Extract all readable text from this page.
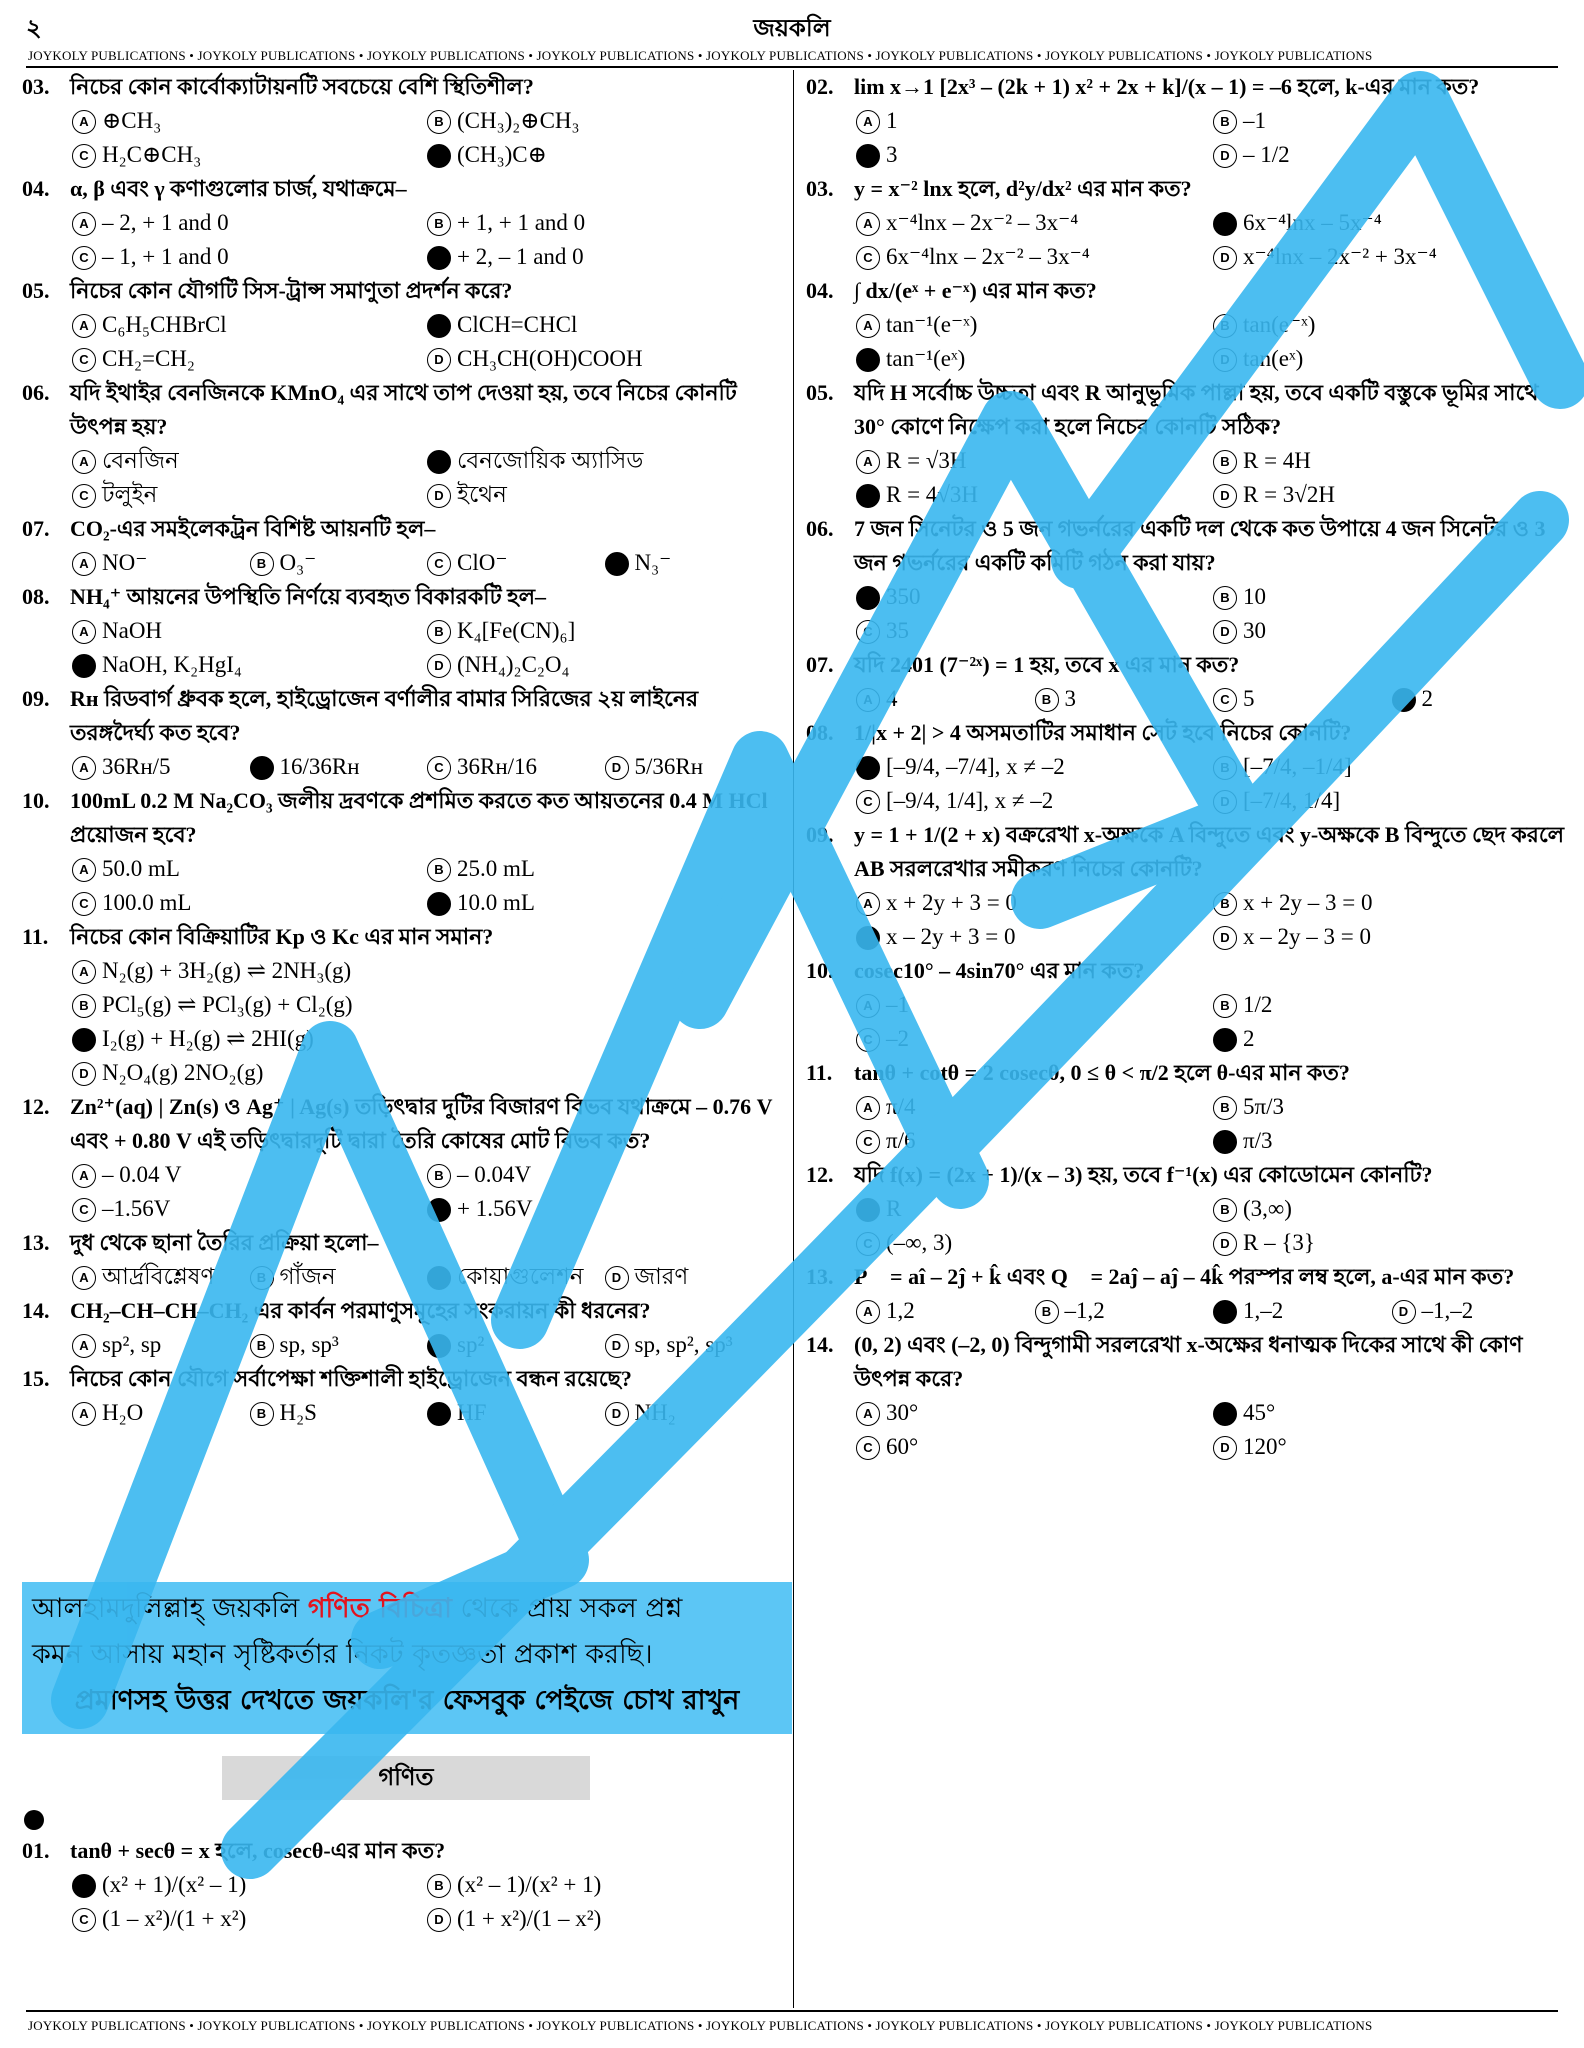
২	জয়কলি
JOYKOLY PUBLICATIONS • JOYKOLY PUBLICATIONS • JOYKOLY PUBLICATIONS • JOYKOLY PUBLICATIONS • JOYKOLY PUBLICATIONS • JOYKOLY PUBLICATIONS • JOYKOLY PUBLICATIONS • JOYKOLY PUBLICATIONS
03. নিচের কোন কার্বোক্যাটায়নটি সবচেয়ে বেশি স্থিতিশীল?
A ⊕CH₃	B (CH₃)₂⊕CH₃
C H₂C⊕CH₃	D (CH₃)C⊕
04. α, β এবং γ কণাগুলোর চার্জ, যথাক্রমে–
A – 2, + 1 and 0	B + 1, + 1 and 0
C – 1, + 1 and 0	D + 2, – 1 and 0
05. নিচের কোন যৌগটি সিস-ট্রান্স সমাণুতা প্রদর্শন করে?
A C₆H₅CHBrCl	B ClCH=CHCl
C CH₂=CH₂	D CH₃CH(OH)COOH
06. যদি ইথাইর বেনজিনকে KMnO₄ এর সাথে তাপ দেওয়া হয়, তবে নিচের কোনটি উৎপন্ন হয়?
A বেনজিন	B বেনজোয়িক অ্যাসিড
C টলুইন	D ইথেন
07. CO₂-এর সমইলেকট্রন বিশিষ্ট আয়নটি হল–
A NO⁻	B O₃⁻	C ClO⁻	D N₃⁻
08. NH₄⁺ আয়নের উপস্থিতি নির্ণয়ে ব্যবহৃত বিকারকটি হল–
A NaOH	B K₄[Fe(CN)₆]
C NaOH, K₂HgI₄	D (NH₄)₂C₂O₄
09. Rн রিডবার্গ ধ্রুবক হলে, হাইড্রোজেন বর্ণালীর বামার সিরিজের ২য় লাইনের তরঙ্গদৈর্ঘ্য কত হবে?
A 36Rн/5	B 16/36Rн	C 36Rн/16	D 5/36Rн
10. 100mL 0.2 M Na₂CO₃ জলীয় দ্রবণকে প্রশমিত করতে কত আয়তনের 0.4 M HCl প্রয়োজন হবে?
A 50.0 mL	B 25.0 mL
C 100.0 mL	D 10.0 mL
11. নিচের কোন বিক্রিয়াটির Kp ও Kc এর মান সমান?
A N₂(g) + 3H₂(g) ⇌ 2NH₃(g)
B PCl₅(g) ⇌ PCl₃(g) + Cl₂(g)
C I₂(g) + H₂(g) ⇌ 2HI(g)
D N₂O₄(g) 2NO₂(g)
12. Zn²⁺(aq) | Zn(s) ও Ag⁺ | Ag(s) তড়িৎদ্বার দুটির বিজারণ বিভব যথাক্রমে – 0.76 V এবং + 0.80 V এই তড়িৎদ্বারদুটি দ্বারা তৈরি কোষের মোট বিভব কত?
A – 0.04 V	B – 0.04V
C –1.56V	D + 1.56V
13. দুধ থেকে ছানা তৈরির প্রক্রিয়া হলো–
A আর্দ্রবিশ্লেষণ	B গাঁজন	C কোয়াগুলেশন	D জারণ
14. CH₂–CH–CH–CH₂ এর কার্বন পরমাণুসমূহের সংকরায়ন কী ধরনের?
A sp², sp	B sp, sp³	C sp²	D sp, sp², sp³
15. নিচের কোন যৌগে সর্বাপেক্ষা শক্তিশালী হাইড্রোজেন বন্ধন রয়েছে?
A H₂O	B H₂S	C HF	D NH₂
02. lim x→1 [2x³ – (2k + 1) x² + 2x + k]/(x – 1) = –6 হলে, k-এর মান কত?
A 1	B –1
C 3	D – 1/2
03. y = x⁻² lnx হলে, d²y/dx² এর মান কত?
A x⁻⁴lnx – 2x⁻² – 3x⁻⁴	B 6x⁻⁴lnx – 5x⁻⁴
C 6x⁻⁴lnx – 2x⁻² – 3x⁻⁴	D x⁻⁴lnx – 2x⁻² + 3x⁻⁴
04. ∫ dx/(eˣ + e⁻ˣ) এর মান কত?
A tan⁻¹(e⁻ˣ)	B tan(e⁻ˣ)
C tan⁻¹(eˣ)	D tan(eˣ)
05. যদি H সর্বোচ্চ উচ্চতা এবং R আনুভূমিক পাল্লা হয়, তবে একটি বস্তুকে ভূমির সাথে 30° কোণে নিক্ষেপ করা হলে নিচের কোনটি সঠিক?
A R = √3H	B R = 4H
C R = 4√3H	D R = 3√2H
06. 7 জন সিনেটর ও 5 জন গভর্নরের একটি দল থেকে কত উপায়ে 4 জন সিনেটর ও 3 জন গভর্নরের একটি কমিটি গঠন করা যায়?
A 350	B 10
C 35	D 30
07. যদি 2401 (7⁻²ˣ) = 1 হয়, তবে x এর মান কত?
A 4	B 3	C 5	D 2
08. 1/|x + 2| > 4 অসমতাটির সমাধান সেট হবে নিচের কোনটি?
A [–9/4, –7/4], x ≠ –2	B [–7/4, –1/4]
C [–9/4, 1/4], x ≠ –2	D [–7/4, 1/4]
09. y = 1 + 1/(2 + x) বক্ররেখা x-অক্ষকে A বিন্দুতে এবং y-অক্ষকে B বিন্দুতে ছেদ করলে AB সরলরেখার সমীকরণ নিচের কোনটি?
A x + 2y + 3 = 0	B x + 2y – 3 = 0
C x – 2y + 3 = 0	D x – 2y – 3 = 0
10. cosec10° – 4sin70° এর মান কত?
A –1	B 1/2
C –2	D 2
11. tanθ + cotθ = 2 cosecθ, 0 ≤ θ < π/2 হলে θ-এর মান কত?
A π/4	B 5π/3
C π/6	D π/3
12. যদি f(x) = (2x + 1)/(x – 3) হয়, তবে f⁻¹(x) এর কোডোমেন কোনটি?
A R	B (3,∞)
C (–∞, 3)	D R – {3}
13. P⃗ = aî – 2ĵ + k̂ এবং Q⃗ = 2aĵ – aĵ – 4k̂ পরস্পর লম্ব হলে, a-এর মান কত?
A 1,2	B –1,2	C 1,–2	D –1,–2
14. (0, 2) এবং (–2, 0) বিন্দুগামী সরলরেখা x-অক্ষের ধনাত্মক দিকের সাথে কী কোণ উৎপন্ন করে?
A 30°	B 45°
C 60°	D 120°
আলহামদুলিল্লাহ্‌ জয়কলি গণিত বিচিত্রা থেকে প্রায় সকল প্রশ্ন
কমন আসায় মহান সৃষ্টিকর্তার নিকট কৃতজ্ঞতা প্রকাশ করছি।
প্রমাণসহ উত্তর দেখতে জয়কলি'র ফেসবুক পেইজে চোখ রাখুন
গণিত
01. tanθ + secθ = x হলে, cosecθ-এর মান কত?
A (x² + 1)/(x² – 1)	B (x² – 1)/(x² + 1)
C (1 – x²)/(1 + x²)	D (1 + x²)/(1 – x²)
JOYKOLY PUBLICATIONS • JOYKOLY PUBLICATIONS • JOYKOLY PUBLICATIONS • JOYKOLY PUBLICATIONS • JOYKOLY PUBLICATIONS • JOYKOLY PUBLICATIONS • JOYKOLY PUBLICATIONS • JOYKOLY PUBLICATIONS
